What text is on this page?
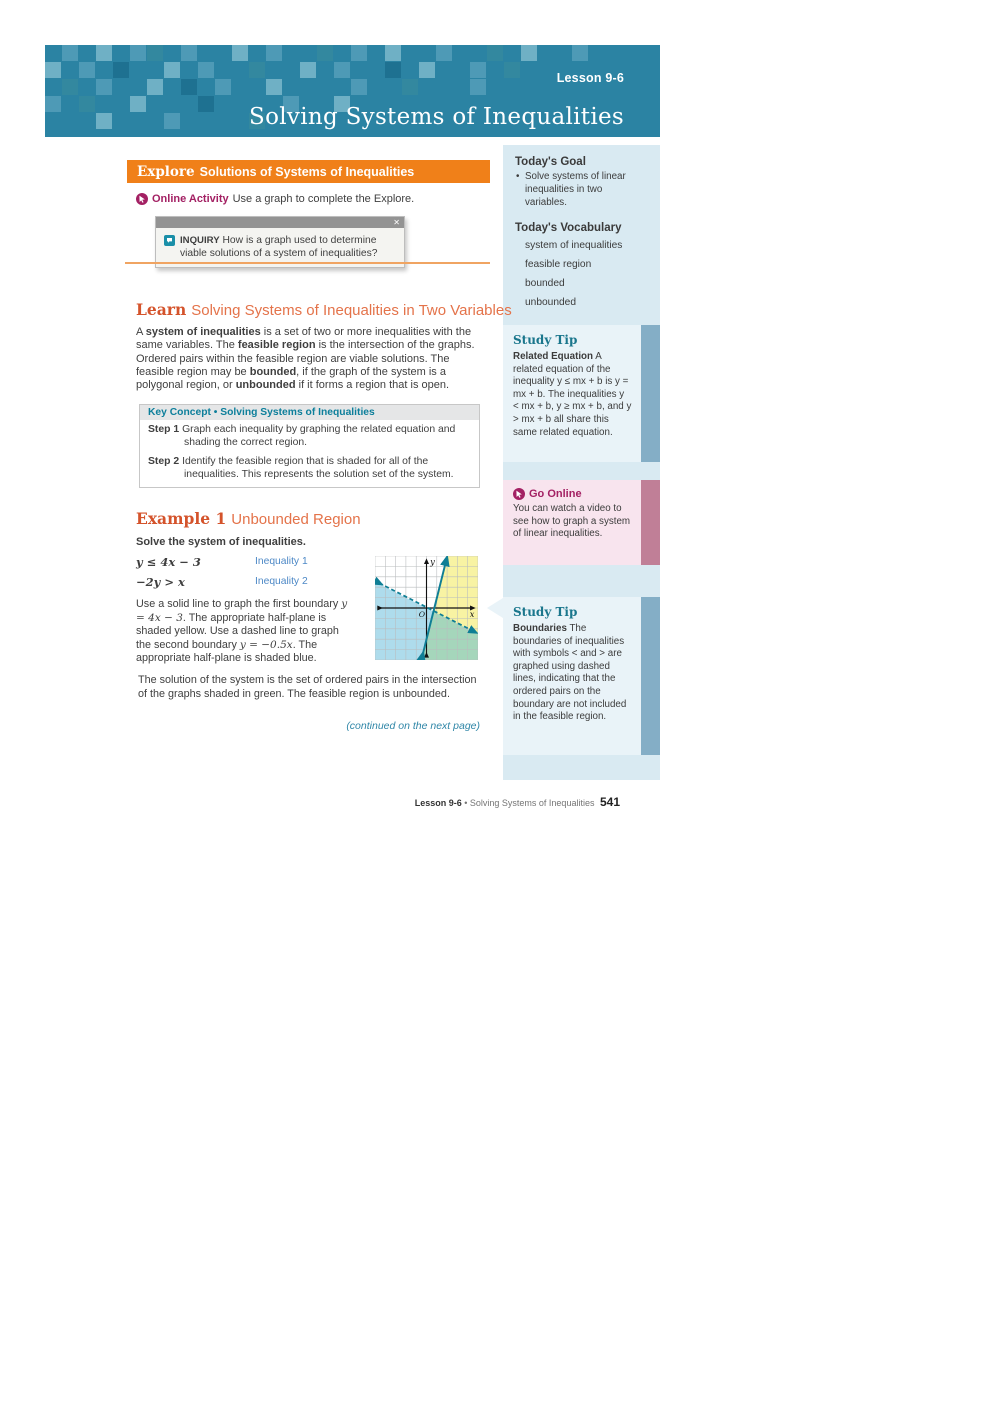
Lesson 9-6
Solving Systems of Inequalities
Today's Goal
• Solve systems of linear inequalities in two variables.
Today's Vocabulary
system of inequalities
feasible region
bounded
unbounded
Study Tip
Related Equation A related equation of the inequality y ≤ mx + b is y = mx + b. The inequalities y < mx + b, y ≥ mx + b, and y > mx + b all share this same related equation.
Go Online
You can watch a video to see how to graph a system of linear inequalities.
Study Tip
Boundaries The boundaries of inequalities with symbols < and > are graphed using dashed lines, indicating that the ordered pairs on the boundary are not included in the feasible region.
Explore Solutions of Systems of Inequalities
Online Activity Use a graph to complete the Explore.
✕
INQUIRY How is a graph used to determine viable solutions of a system of inequalities?
Learn Solving Systems of Inequalities in Two Variables
A system of inequalities is a set of two or more inequalities with the same variables. The feasible region is the intersection of the graphs. Ordered pairs within the feasible region are viable solutions. The feasible region may be bounded, if the graph of the system is a polygonal region, or unbounded if it forms a region that is open.
Key Concept • Solving Systems of Inequalities
Step 1 Graph each inequality by graphing the related equation and shading the correct region.
Step 2 Identify the feasible region that is shaded for all of the inequalities. This represents the solution set of the system.
Example 1 Unbounded Region
Solve the system of inequalities.
y ≤ 4x − 3	Inequality 1
−2y > x	Inequality 2
y
x
O
Use a solid line to graph the first boundary y = 4x − 3. The appropriate half-plane is shaded yellow. Use a dashed line to graph the second boundary y = −0.5x. The appropriate half-plane is shaded blue.
The solution of the system is the set of ordered pairs in the intersection of the graphs shaded in green. The feasible region is unbounded.
(continued on the next page)
Lesson 9-6 • Solving Systems of Inequalities 541
